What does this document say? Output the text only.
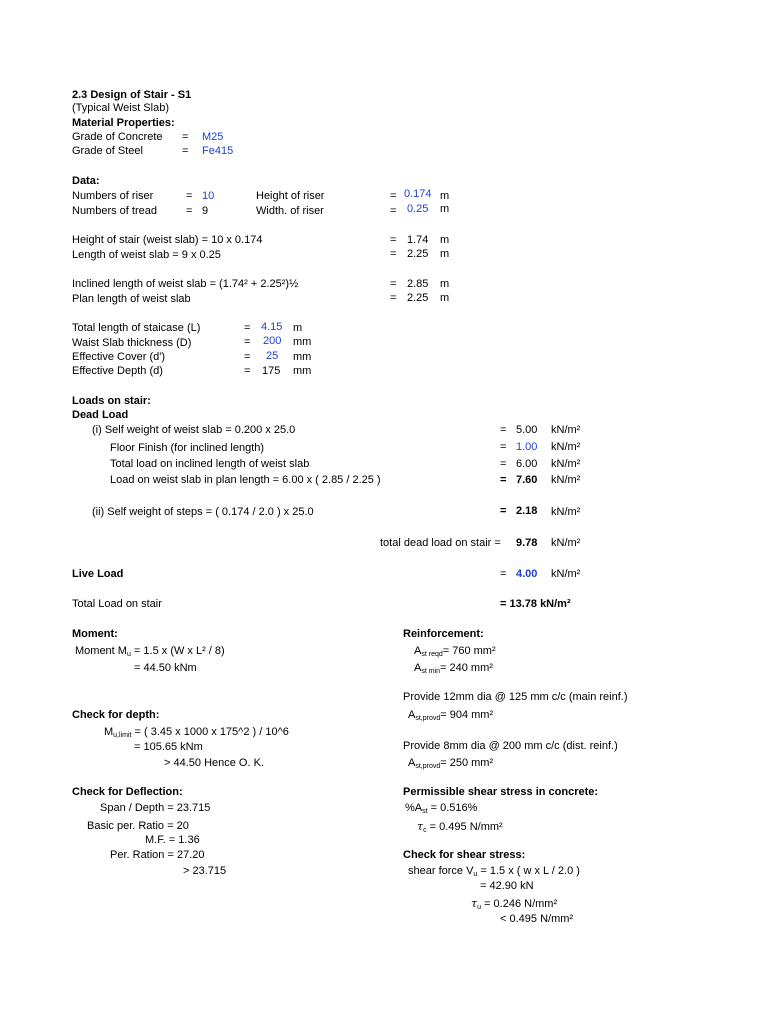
2.3 Design of Stair - S1
(Typical Weist Slab)
Material Properties:
Grade of Concrete = M25
Grade of Steel	= Fe415
Data:
Numbers of riser	= 10	Height of riser	= 0.174 m
Numbers of tread	= 9	Width. of riser	= 0.25 m
Height of stair (weist slab) = 10 x 0.174	= 1.74 m
Length of weist slab = 9 x 0.25	= 2.25 m
Inclined length of weist slab = (1.74² + 2.25²)½	= 2.85 m
Plan length of weist slab	= 2.25 m
Total length of staicase (L)	= 4.15 m
Waist Slab thickness (D)	= 200 mm
Effective Cover (d')	= 25 mm
Effective Depth (d)	= 175 mm
Loads on stair:
Dead Load
(i) Self weight of weist slab = 0.200 x 25.0	= 5.00 kN/m²
Floor Finish (for inclined length)	= 1.00 kN/m²
Total load on inclined length of weist slab	= 6.00 kN/m²
Load on weist slab in plan length = 6.00 x ( 2.85 / 2.25 )	= 7.60 kN/m²
(ii) Self weight of steps = ( 0.174 / 2.0 ) x 25.0	= 2.18 kN/m²
total dead load on stair = 9.78 kN/m²
Live Load	= 4.00 kN/m²
Total Load on stair	= 13.78 kN/m²
Moment:
Moment $M_u = 1.5$ x (W x L² / 8)
= 44.50 kNm
Check for depth:
$M_{u,limit}$ = ( 3.45 x 1000 x 175^2 ) / 10^6
= 105.65 kNm
> 44.50 Hence O. K.
Check for Deflection:
Span / Depth = 23.715
Basic per. Ratio = 20
M.F. = 1.36
Per. Ration = 27.20
> 23.715
Reinforcement:
$A_{st reqd}= 760$ mm²
$A_{st min}= 240$ mm²
Provide 12mm dia @ 125 mm c/c (main reinf.)
$A_{st,provd}= 904$ mm²
Provide 8mm dia @ 200 mm c/c (dist. reinf.)
$A_{st,provd}= 250$ mm²
Permissible shear stress in concrete:
$\%A_{st} = 0.516\%$
$\tau_c = 0.495$ N/mm²
Check for shear stress:
shear force $V_u = 1.5$ x ( w x L / 2.0 )
= 42.90 kN
$\tau_u = 0.246$ N/mm²
< 0.495 N/mm²
